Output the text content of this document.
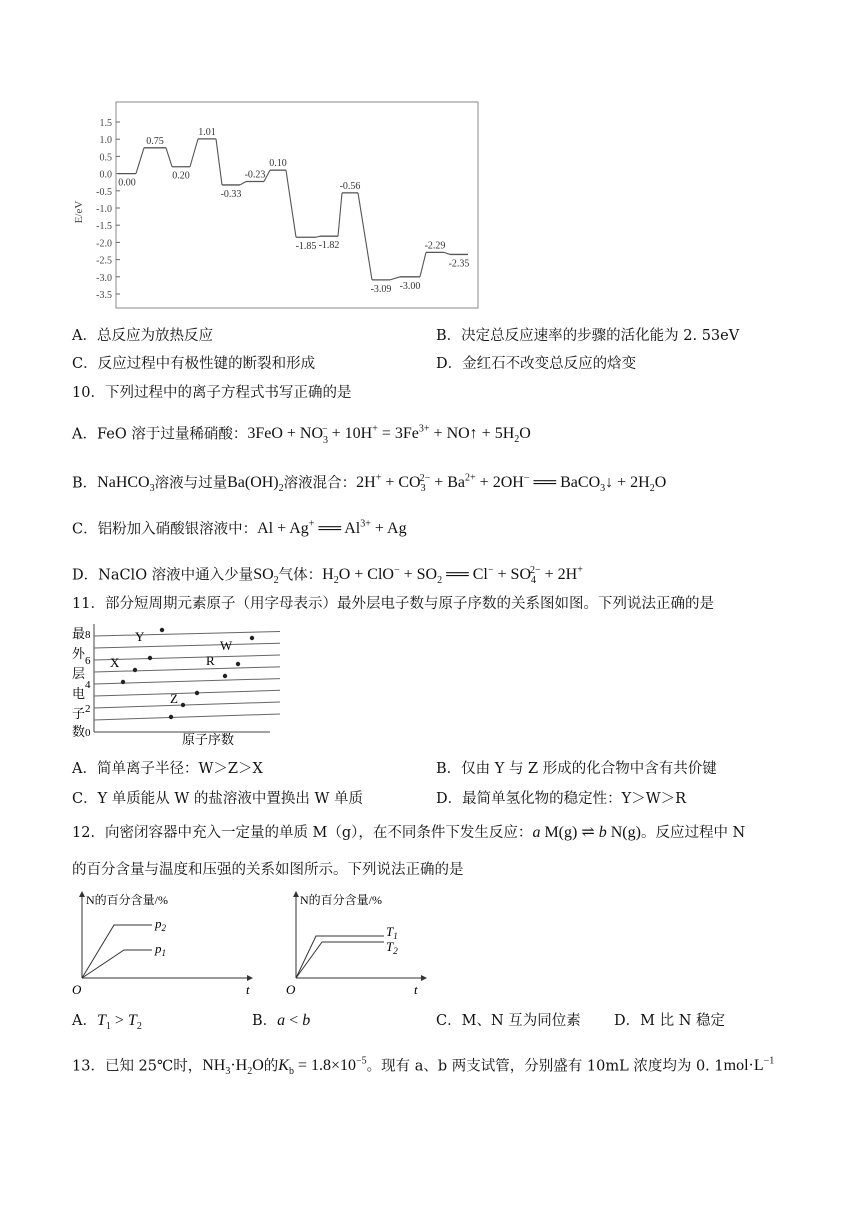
1.5
1.0
0.5
0.0
-0.5
-1.0
-1.5
-2.0
-2.5
-3.0
-3.5
E/eV
0.00
0.75
0.20
1.01
-0.33
-0.23
0.10
-1.85 -1.82
-0.56
-3.09 -3.00
-2.29
-2.35
A．总反应为放热反应	B．决定总反应速率的步骤的活化能为 2. 53eV
C．反应过程中有极性键的断裂和形成	D．金红石不改变总反应的焓变
10．下列过程中的离子方程式书写正确的是
A．FeO 溶于过量稀硝酸：$3FeO + NO_3^- + 10H^+ = 3Fe^{3+}$ + NO↑ + $5H_2O$
B．NaHCO$_3$溶液与过量$Ba(OH)_2$溶液混合：$2H^+ + CO_3^{2-} + Ba^{2+} + 2OH^-$ ══ BaCO$_3$↓ + $2H_2O$
C．铝粉加入硝酸银溶液中：Al + Ag+ ══ $Al^{3+} + Ag$
D．NaClO 溶液中通入少量$SO_2$气体：$H_2O + ClO^- + SO_2$ ══ $Cl^- + SO_4^{2-} + 2H^+$
11．部分短周期元素原子（用字母表示）最外层电子数与原子序数的关系图如图。下列说法正确的是
最
外
层
电
子
数 0
2
4
6
8
X
Y
Z
W
R
原子序数
A．简单离子半径：W＞Z＞X	B．仅由 Y 与 Z 形成的化合物中含有共价键
C．Y 单质能从 W 的盐溶液中置换出 W 单质	D．最简单氢化物的稳定性：Y＞W＞R
12．向密闭容器中充入一定量的单质 M（g），在不同条件下发生反应：a M(g) ⇌ b N(g)。反应过程中 N
的百分含量与温度和压强的关系如图所示。下列说法正确的是
N的百分含量/%
O	t
$p_2$
$p_1$
N的百分含量/%
O	t
$T_1$
$T_2$
A．$T_1 > T_2$	B．a < b	C．M、N 互为同位素 D．M 比 N 稳定
13．已知 25℃时，$NH_3\cdot H_2O$的$K_b = 1.8\times 10^{-5}$。现有 a、b 两支试管，分别盛有 10mL 浓度均为 0. $1mol\cdot L^{-1}$
